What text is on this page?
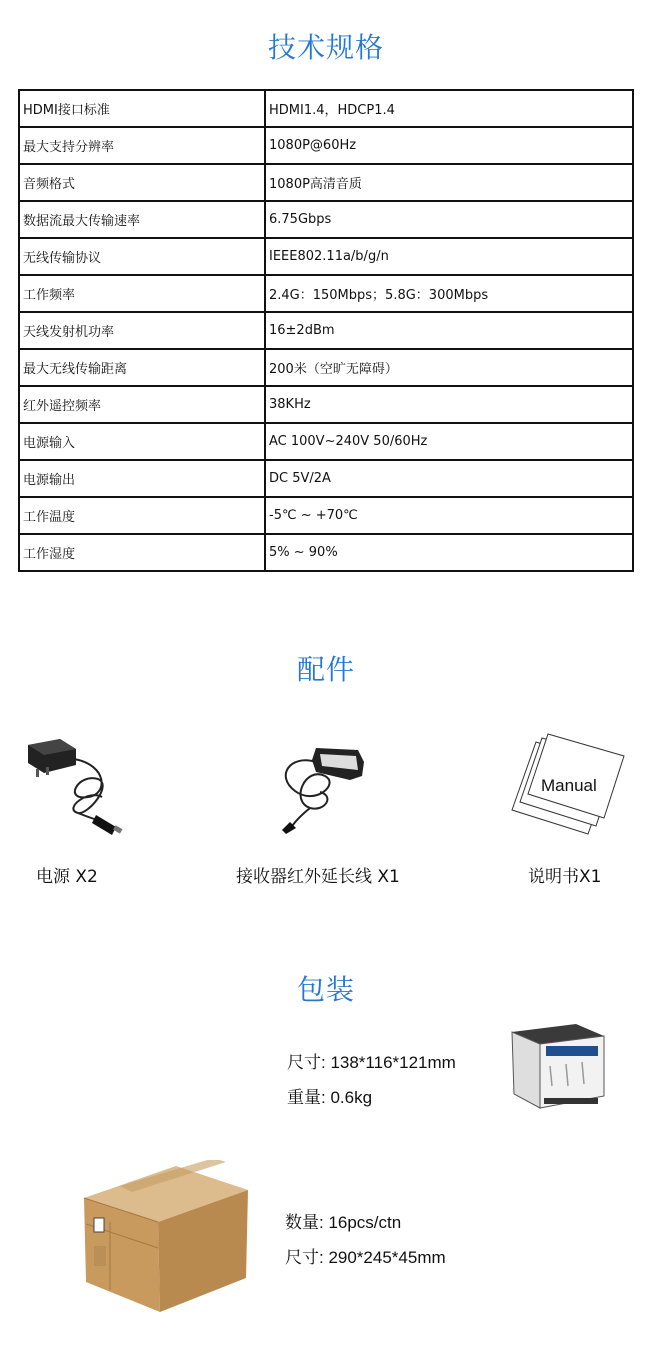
技术规格
HDMI接口标准	HDMI1.4，HDCP1.4
最大支持分辨率	1080P@60Hz
音频格式	1080P高清音质
数据流最大传输速率	6.75Gbps
无线传输协议	IEEE802.11a/b/g/n
工作频率	2.4G：150Mbps；5.8G：300Mbps
天线发射机功率	16±2dBm
最大无线传输距离	200米（空旷无障碍）
红外遥控频率	38KHz
电源输入	AC 100V~240V 50/60Hz
电源输出	DC 5V/2A
工作温度	-5℃ ~ +70℃
工作湿度	5% ~ 90%
配件
电源 X2	接收器红外延长线 X1
Manual
说明书X1
包装
尺寸: 138*116*121mm
重量: 0.6kg
数量: 16pcs/ctn
尺寸: 290*245*45mm
